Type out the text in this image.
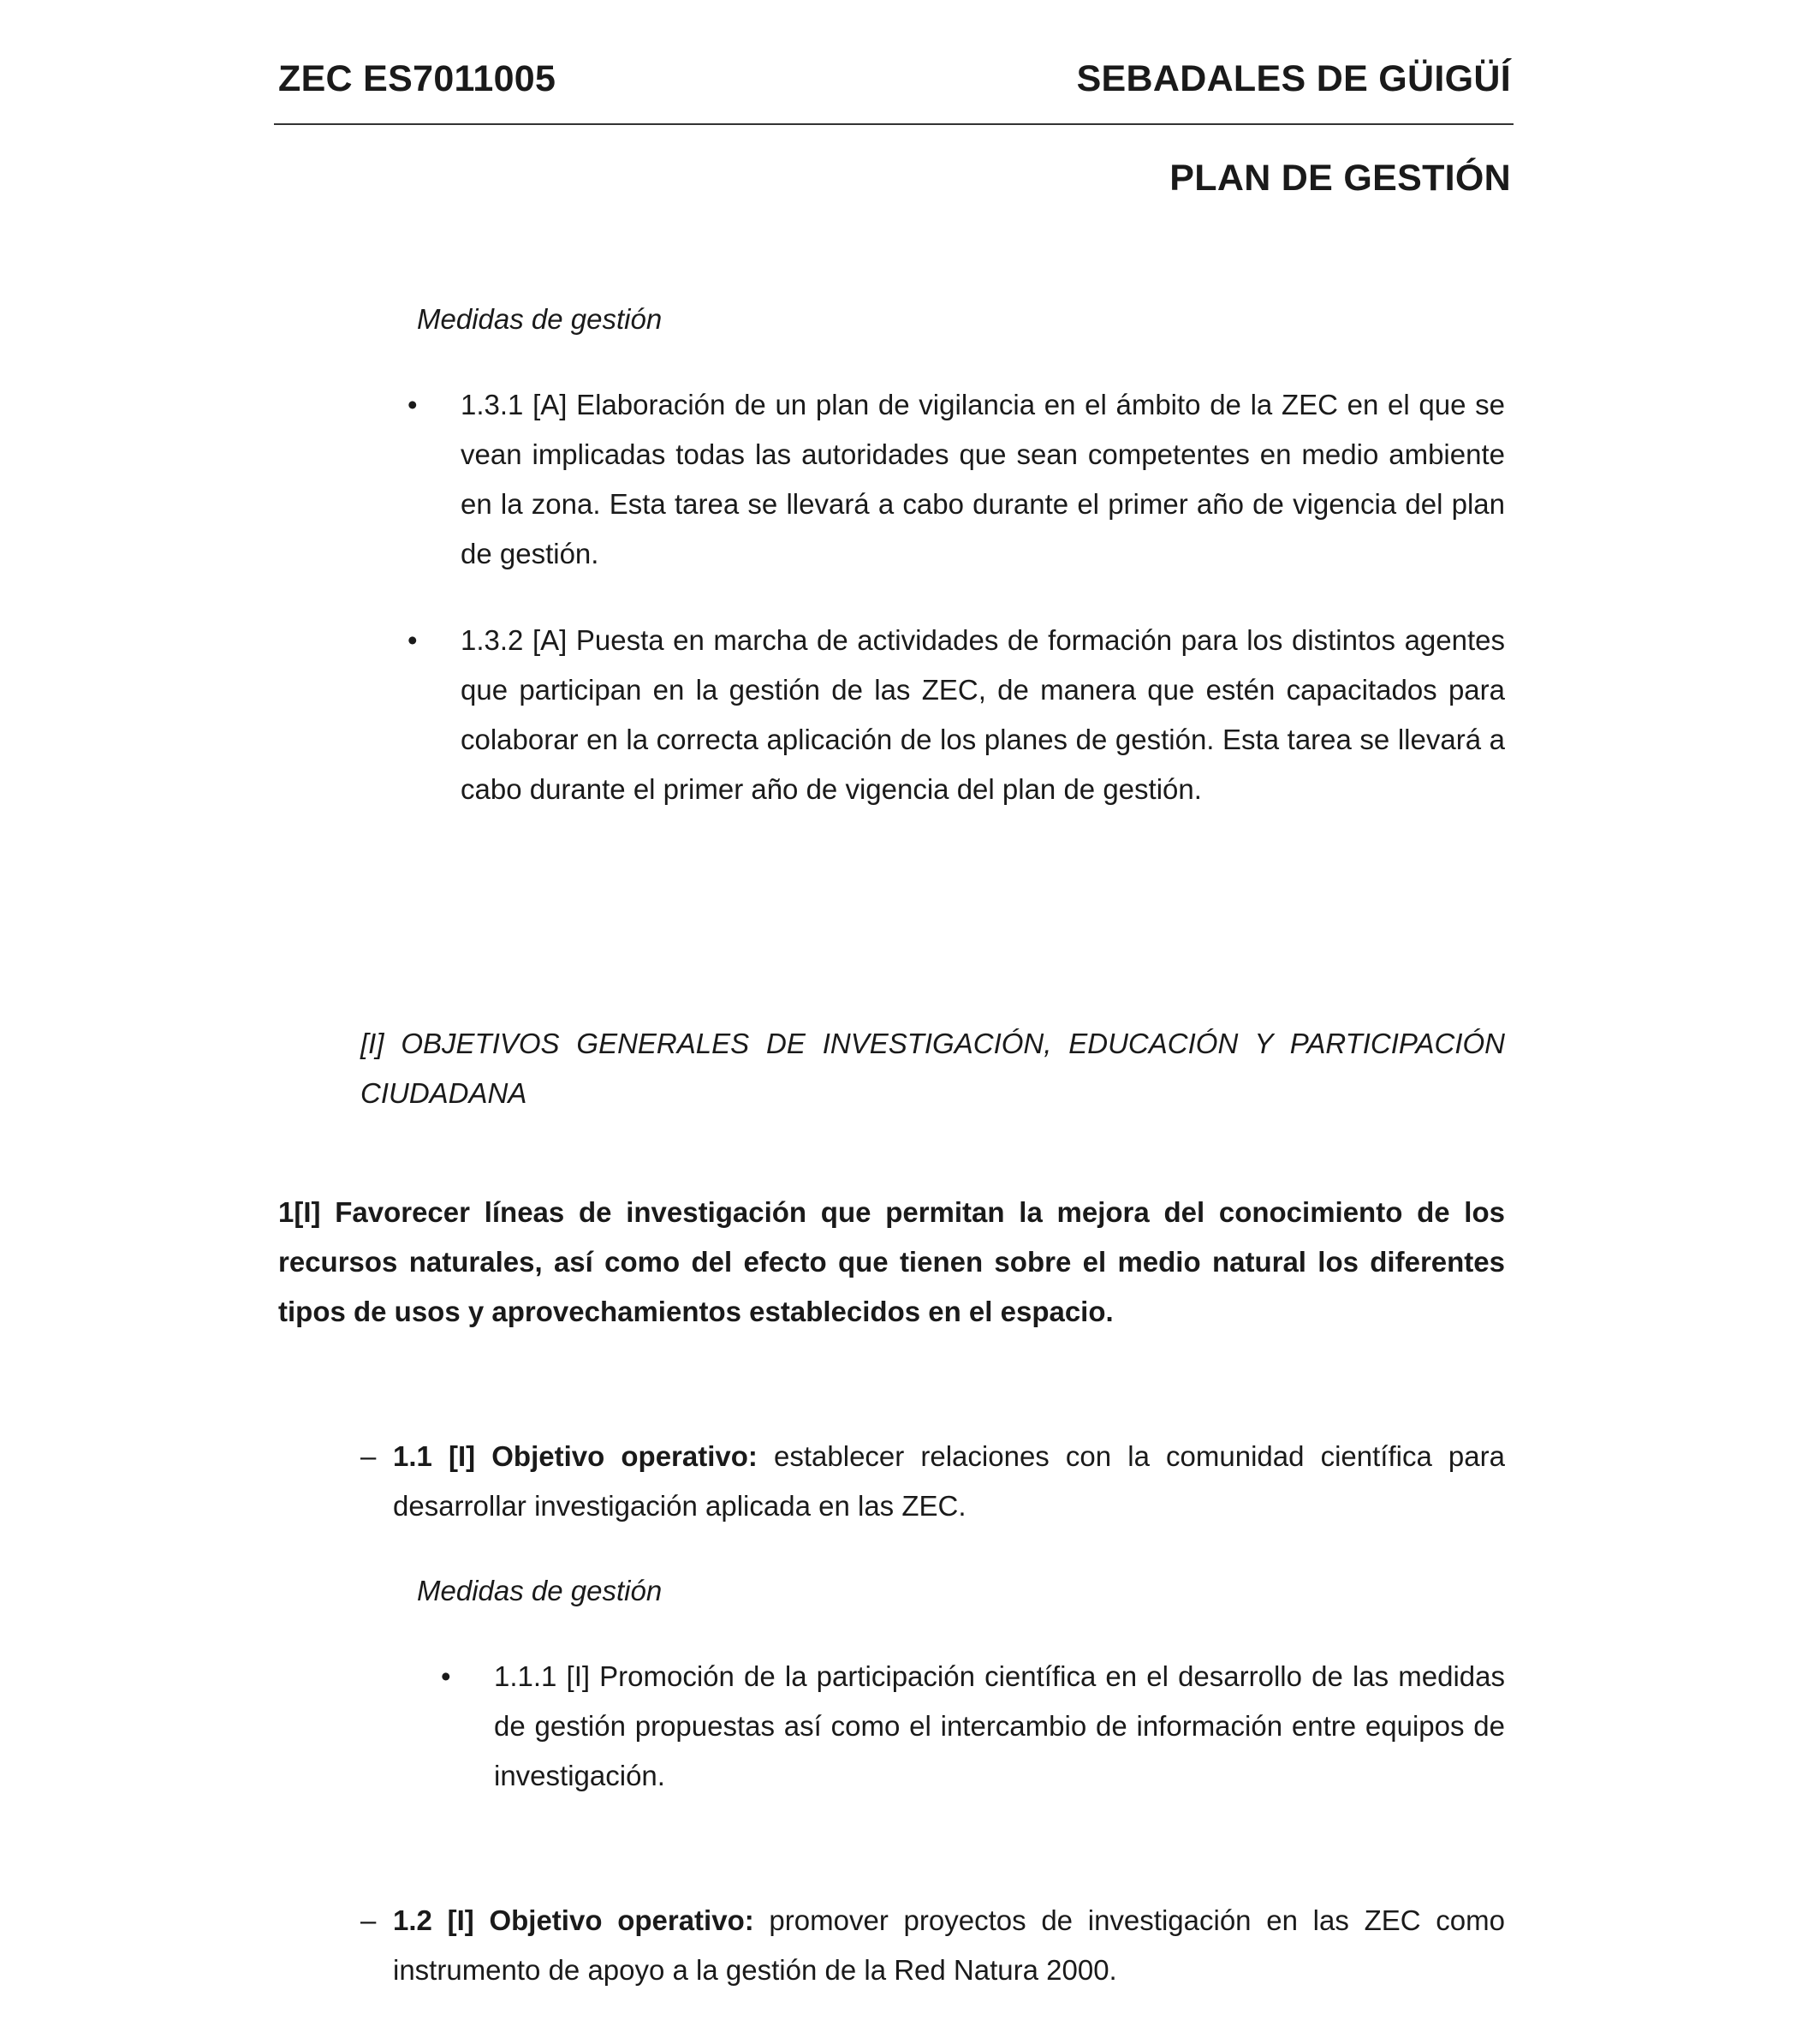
ZEC ES7011005	SEBADALES DE GÜIGÜÍ
PLAN DE GESTIÓN
Medidas de gestión
• 1.3.1 [A] Elaboración de un plan de vigilancia en el ámbito de la ZEC en el que se vean implicadas todas las autoridades que sean competentes en medio ambiente en la zona. Esta tarea se llevará a cabo durante el primer año de vigencia del plan de gestión.
• 1.3.2 [A] Puesta en marcha de actividades de formación para los distintos agentes que participan en la gestión de las ZEC, de manera que estén capacitados para colaborar en la correcta aplicación de los planes de gestión. Esta tarea se llevará a cabo durante el primer año de vigencia del plan de gestión.
[I] OBJETIVOS GENERALES DE INVESTIGACIÓN, EDUCACIÓN Y PARTICIPACIÓN CIUDADANA
1[I] Favorecer líneas de investigación que permitan la mejora del conocimiento de los recursos naturales, así como del efecto que tienen sobre el medio natural los diferentes tipos de usos y aprovechamientos establecidos en el espacio.
– 1.1 [I] Objetivo operativo: establecer relaciones con la comunidad científica para desarrollar investigación aplicada en las ZEC.
Medidas de gestión
• 1.1.1 [I] Promoción de la participación científica en el desarrollo de las medidas de gestión propuestas así como el intercambio de información entre equipos de investigación.
– 1.2 [I] Objetivo operativo: promover proyectos de investigación en las ZEC como instrumento de apoyo a la gestión de la Red Natura 2000.
